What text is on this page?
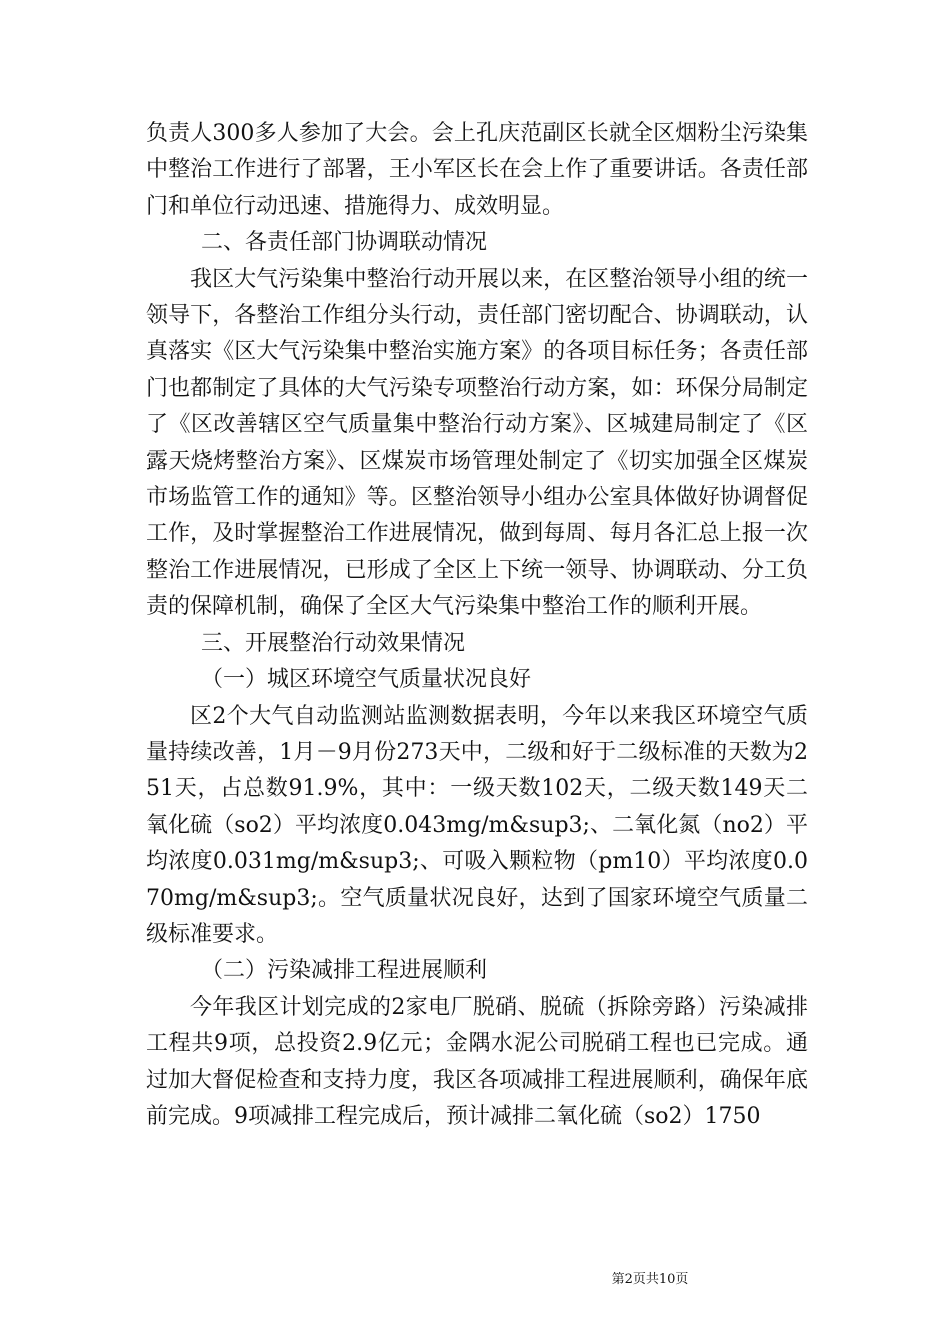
负责人300多人参加了大会。会上孔庆范副区长就全区烟粉尘污染集中整治工作进行了部署，王小军区长在会上作了重要讲话。各责任部门和单位行动迅速、措施得力、成效明显。

二、各责任部门协调联动情况

我区大气污染集中整治行动开展以来，在区整治领导小组的统一领导下，各整治工作组分头行动，责任部门密切配合、协调联动，认真落实《区大气污染集中整治实施方案》的各项目标任务；各责任部门也都制定了具体的大气污染专项整治行动方案，如：环保分局制定了《区改善辖区空气质量集中整治行动方案》、区城建局制定了《区露天烧烤整治方案》、区煤炭市场管理处制定了《切实加强全区煤炭市场监管工作的通知》等。区整治领导小组办公室具体做好协调督促工作，及时掌握整治工作进展情况，做到每周、每月各汇总上报一次整治工作进展情况，已形成了全区上下统一领导、协调联动、分工负责的保障机制，确保了全区大气污染集中整治工作的顺利开展。

三、开展整治行动效果情况

（一）城区环境空气质量状况良好

区2个大气自动监测站监测数据表明，今年以来我区环境空气质量持续改善，1月－9月份273天中，二级和好于二级标准的天数为251天，占总数91.9%，其中：一级天数102天，二级天数149天二氧化硫（so2）平均浓度0.043mg/m&sup3;、二氧化氮（no2）平均浓度0.031mg/m&sup3;、可吸入颗粒物（pm10）平均浓度0.070mg/m&sup3;。空气质量状况良好，达到了国家环境空气质量二级标准要求。

（二）污染减排工程进展顺利

今年我区计划完成的2家电厂脱硝、脱硫（拆除旁路）污染减排工程共9项，总投资2.9亿元；金隅水泥公司脱硝工程也已完成。通过加大督促检查和支持力度，我区各项减排工程进展顺利，确保年底前完成。9项减排工程完成后，预计减排二氧化硫（so2）1750

第2页共10页
